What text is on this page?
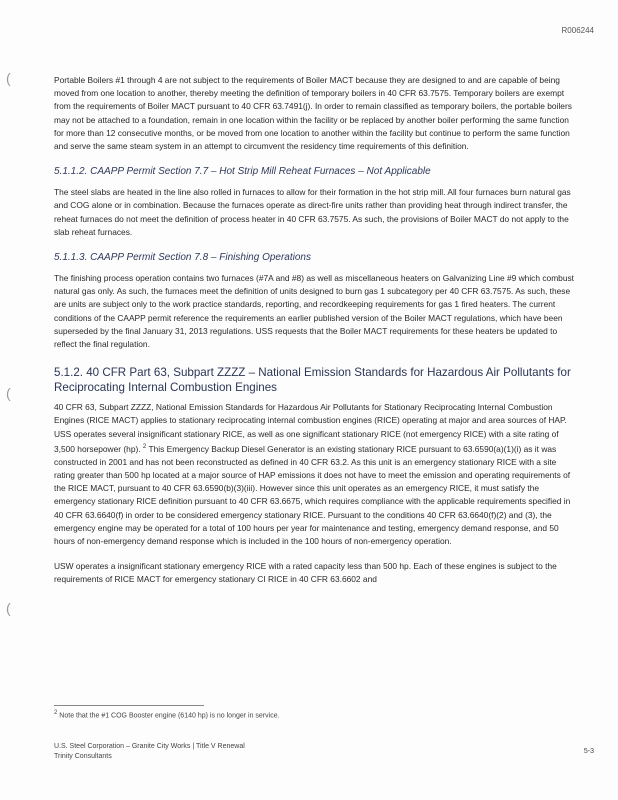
R006244
(
(
(

Portable Boilers #1 through 4 are not subject to the requirements of Boiler MACT because they are designed to and are capable of being moved from one location to another, thereby meeting the definition of temporary boilers in 40 CFR 63.7575. Temporary boilers are exempt from the requirements of Boiler MACT pursuant to 40 CFR 63.7491(j). In order to remain classified as temporary boilers, the portable boilers may not be attached to a foundation, remain in one location within the facility or be replaced by another boiler performing the same function for more than 12 consecutive months, or be moved from one location to another within the facility but continue to perform the same function and serve the same steam system in an attempt to circumvent the residency time requirements of this definition.

5.1.1.2. CAAPP Permit Section 7.7 – Hot Strip Mill Reheat Furnaces – Not Applicable

The steel slabs are heated in the line also rolled in furnaces to allow for their formation in the hot strip mill. All four furnaces burn natural gas and COG alone or in combination. Because the furnaces operate as direct-fire units rather than providing heat through indirect transfer, the reheat furnaces do not meet the definition of process heater in 40 CFR 63.7575. As such, the provisions of Boiler MACT do not apply to the slab reheat furnaces.

5.1.1.3. CAAPP Permit Section 7.8 – Finishing Operations

The finishing process operation contains two furnaces (#7A and #8) as well as miscellaneous heaters on Galvanizing Line #9 which combust natural gas only. As such, the furnaces meet the definition of units designed to burn gas 1 subcategory per 40 CFR 63.7575. As such, these are units are subject only to the work practice standards, reporting, and recordkeeping requirements for gas 1 fired heaters. The current conditions of the CAAPP permit reference the requirements an earlier published version of the Boiler MACT regulations, which have been superseded by the final January 31, 2013 regulations. USS requests that the Boiler MACT requirements for these heaters be updated to reflect the final regulation.

5.1.2. 40 CFR Part 63, Subpart ZZZZ – National Emission Standards for Hazardous Air Pollutants for Reciprocating Internal Combustion Engines

40 CFR 63, Subpart ZZZZ, National Emission Standards for Hazardous Air Pollutants for Stationary Reciprocating Internal Combustion Engines (RICE MACT) applies to stationary reciprocating internal combustion engines (RICE) operating at major and area sources of HAP. USS operates several insignificant stationary RICE, as well as one significant stationary RICE (not emergency RICE) with a site rating of 3,500 horsepower (hp). $^2$ This Emergency Backup Diesel Generator is an existing stationary RICE pursuant to 63.6590(a)(1)(i) as it was constructed in 2001 and has not been reconstructed as defined in 40 CFR 63.2. As this unit is an emergency stationary RICE with a site rating greater than 500 hp located at a major source of HAP emissions it does not have to meet the emission and operating requirements of the RICE MACT, pursuant to 40 CFR 63.6590(b)(3)(iii). However since this unit operates as an emergency RICE, it must satisfy the emergency stationary RICE definition pursuant to 40 CFR 63.6675, which requires compliance with the applicable requirements specified in 40 CFR 63.6640(f) in order to be considered emergency stationary RICE. Pursuant to the conditions 40 CFR 63.6640(f)(2) and (3), the emergency engine may be operated for a total of 100 hours per year for maintenance and testing, emergency demand response, and 50 hours of non-emergency demand response which is included in the 100 hours of non-emergency operation.

USW operates a insignificant stationary emergency RICE with a rated capacity less than 500 hp. Each of these engines is subject to the requirements of RICE MACT for emergency stationary CI RICE in 40 CFR 63.6602 and

$^2$ Note that the #1 COG Booster engine (6140 hp) is no longer in service.
U.S. Steel Corporation – Granite City Works | Title V Renewal
Trinity Consultants
5-3
